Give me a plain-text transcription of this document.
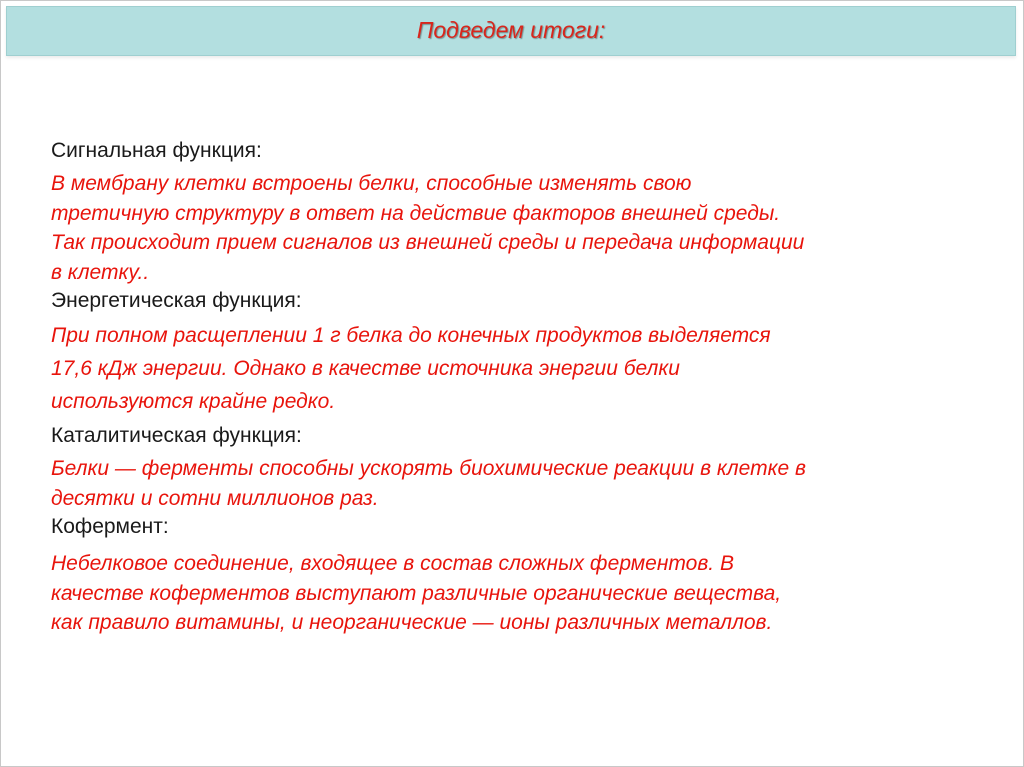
Подведем итоги:

Сигнальная функция:

В мембрану клетки встроены белки, способные изменять свою

третичную структуру в ответ на действие факторов внешней среды.

Так происходит прием сигналов из внешней среды и передача информации

в клетку..

Энергетическая функция:

При полном расщеплении 1 г белка до конечных продуктов выделяется

17,6 кДж энергии. Однако в качестве источника энергии белки

используются крайне редко.

Каталитическая функция:

Белки — ферменты способны ускорять биохимические реакции в клетке в

десятки и сотни миллионов раз.

Кофермент:

Небелковое соединение, входящее в состав сложных ферментов. В

качестве коферментов выступают различные органические вещества,

как правило витамины, и неорганические — ионы различных металлов.
